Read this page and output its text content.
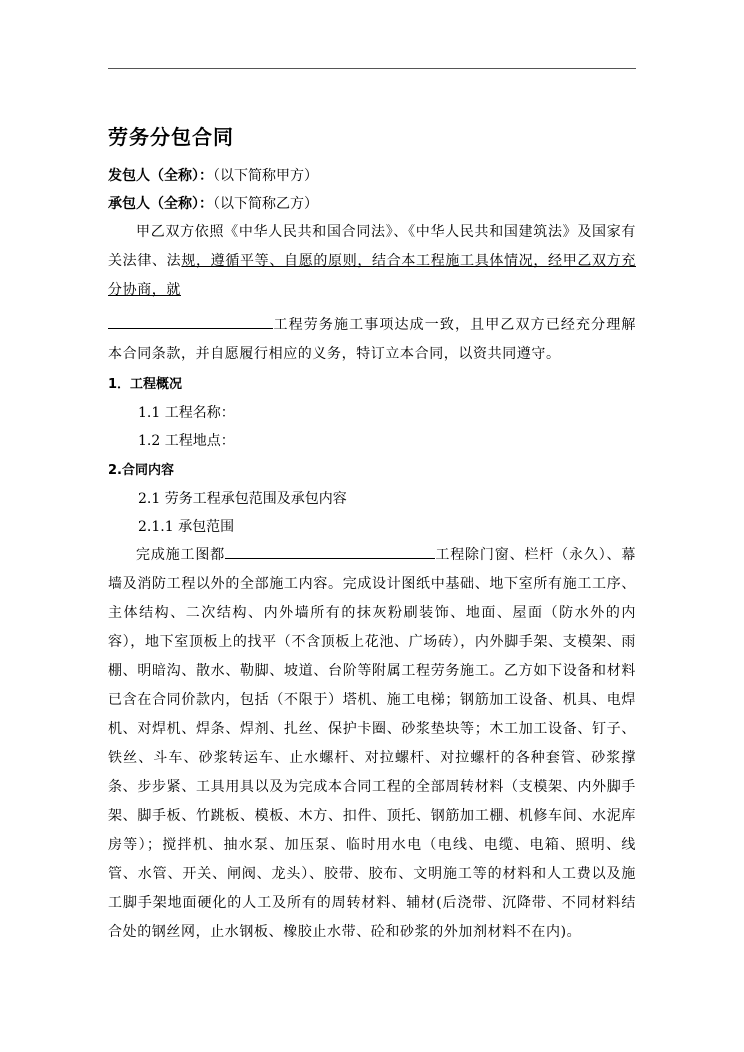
劳务分包合同

发包人（全称）：（以下简称甲方）

承包人（全称）：（以下简称乙方）

甲乙双方依照《中华人民共和国合同法》、《中华人民共和国建筑法》及国家有关法律、法规，遵循平等、自愿的原则，结合本工程施工具体情况，经甲乙双方充分协商，就

工程劳务施工事项达成一致，且甲乙双方已经充分理解本合同条款，并自愿履行相应的义务，特订立本合同，以资共同遵守。

1．工程概况

1.1 工程名称：

1.2 工程地点：

2.合同内容

2.1 劳务工程承包范围及承包内容

2.1.1 承包范围

完成施工图都	工程除门窗、栏杆（永久）、幕墙及消防工程以外的全部施工内容。完成设计图纸中基础、地下室所有施工工序、主体结构、二次结构、内外墙所有的抹灰粉刷装饰、地面、屋面（防水外的内容），地下室顶板上的找平（不含顶板上花池、广场砖），内外脚手架、支模架、雨棚、明暗沟、散水、勒脚、坡道、台阶等附属工程劳务施工。乙方如下设备和材料已含在合同价款内，包括（不限于）塔机、施工电梯；钢筋加工设备、机具、电焊机、对焊机、焊条、焊剂、扎丝、保护卡圈、砂浆垫块等；木工加工设备、钉子、铁丝、斗车、砂浆转运车、止水螺杆、对拉螺杆、对拉螺杆的各种套管、砂浆撑条、步步紧、工具用具以及为完成本合同工程的全部周转材料（支模架、内外脚手架、脚手板、竹跳板、模板、木方、扣件、顶托、钢筋加工棚、机修车间、水泥库房等）；搅拌机、抽水泵、加压泵、临时用水电（电线、电缆、电箱、照明、线管、水管、开关、闸阀、龙头）、胶带、胶布、文明施工等的材料和人工费以及施工脚手架地面硬化的人工及所有的周转材料、辅材(后浇带、沉降带、不同材料结合处的钢丝网，止水钢板、橡胶止水带、砼和砂浆的外加剂材料不在内)。
